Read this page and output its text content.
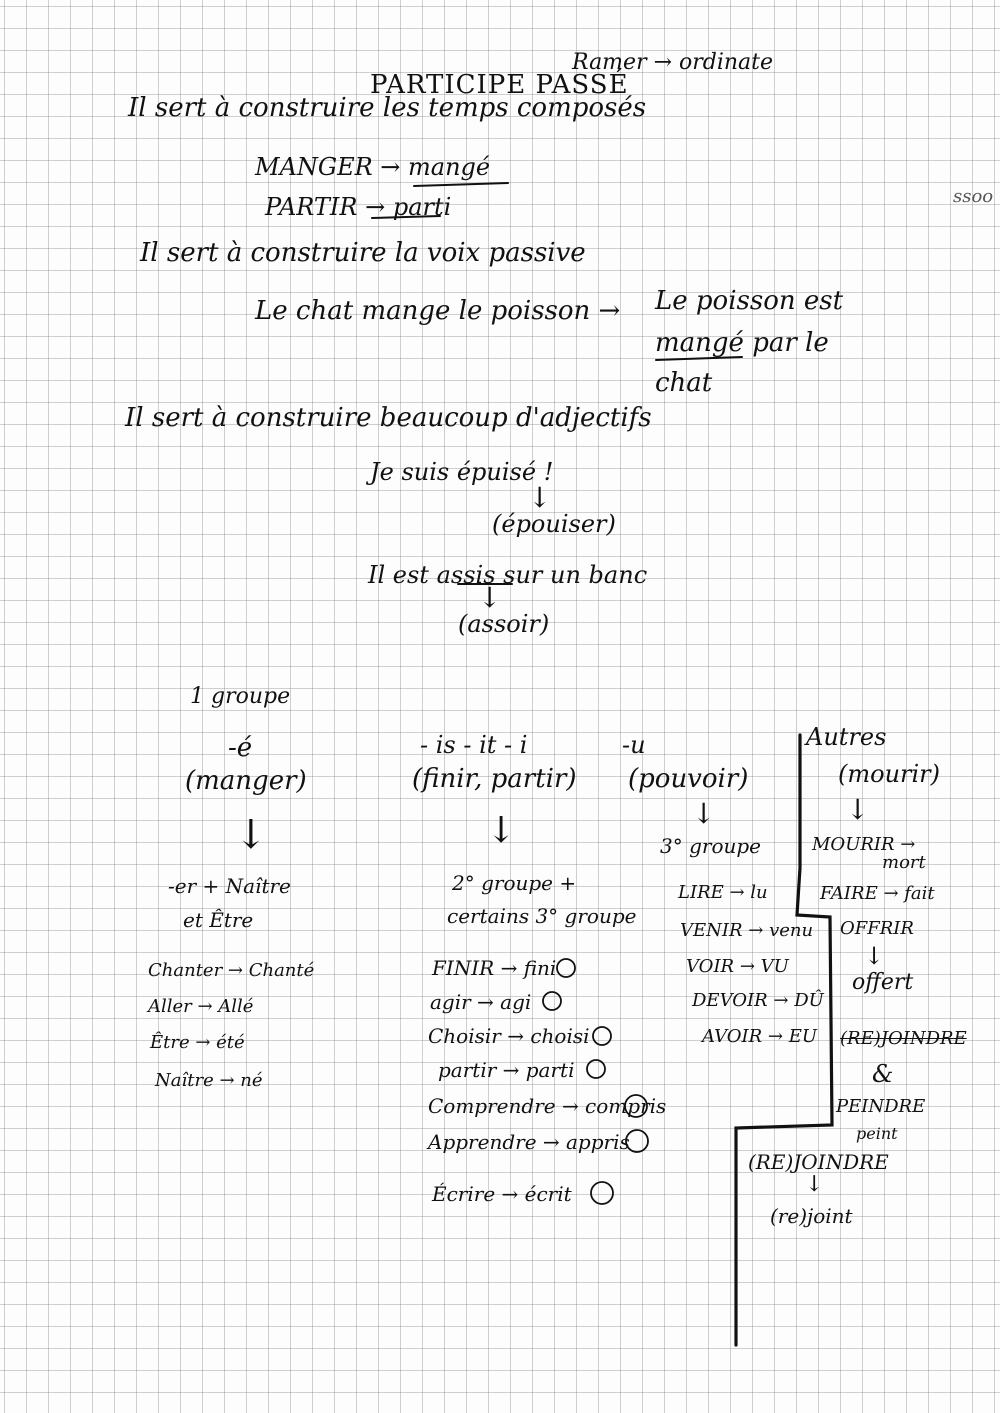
Ramer → ordinate
ssoo
PARTICIPE PASSÉ
Il sert à construire les temps composés
MANGER → mangé
PARTIR → parti
Il sert à construire la voix passive
Le chat mange le poisson → Le poisson est
mangé par le
chat
Il sert à construire beaucoup d'adjectifs
Je suis épuisé !
↓
(épouiser)
Il est assis sur un banc
↓
(assoir)
1 groupe
-é
(manger)
↓
-er + Naître
et Être
Chanter → Chanté
Aller → Allé
Être → été
Naître → né
- is - it - i
(finir, partir)
↓
2° groupe +
certains 3° groupe
FINIR → fini
agir → agi
Choisir → choisi
partir → parti
Comprendre → compris
Apprendre → appris
Écrire → écrit
-u
(pouvoir)
↓
3° groupe
LIRE → lu
VENIR → venu
VOIR → VU
DEVOIR → DÛ
AVOIR → EU
Autres
(mourir)
↓
MOURIR →
mort
FAIRE → fait
OFFRIR
↓
offert
(RE)JOINDRE
&
PEINDRE
peint
(RE)JOINDRE
↓
(re)joint
